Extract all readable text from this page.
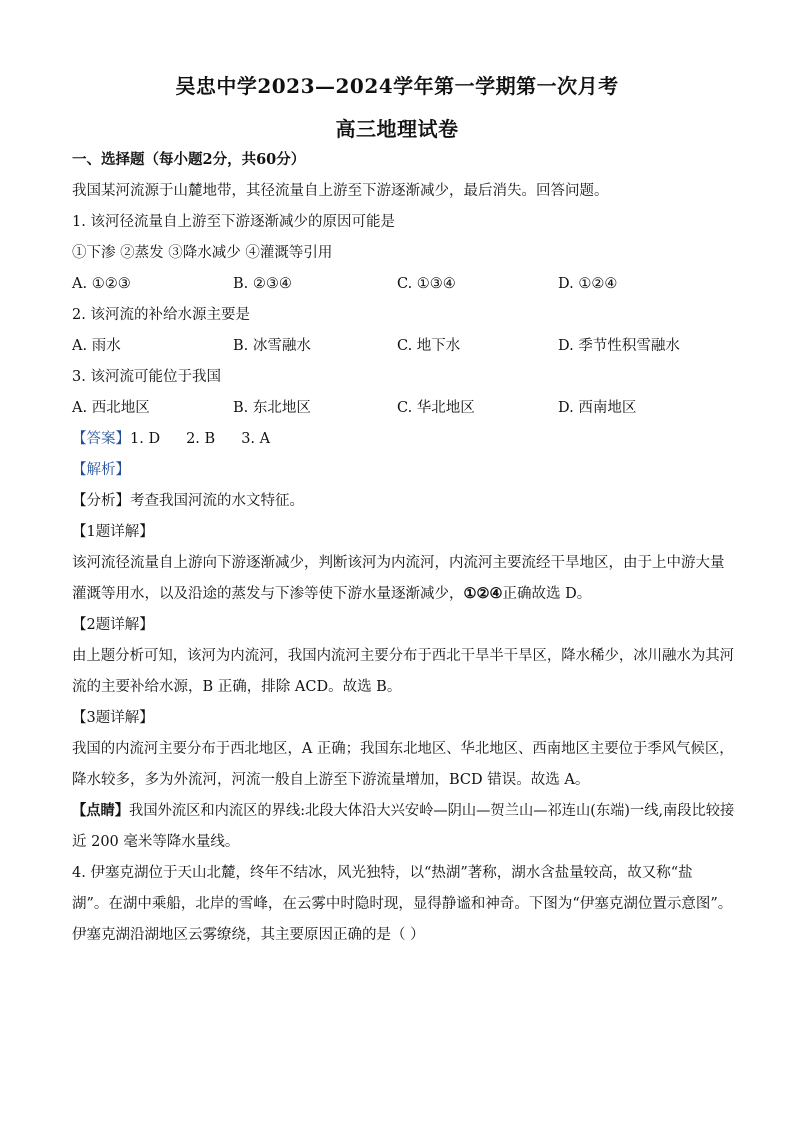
吴忠中学2023—2024学年第一学期第一次月考
高三地理试卷
一、选择题（每小题2分，共60分）
我国某河流源于山麓地带，其径流量自上游至下游逐渐减少，最后消失。回答问题。
1. 该河径流量自上游至下游逐渐减少的原因可能是
①下渗 ②蒸发 ③降水减少 ④灌溉等引用
A. ①②③	B. ②③④	C. ①③④	D. ①②④
2. 该河流的补给水源主要是
A. 雨水	B. 冰雪融水	C. 地下水	D. 季节性积雪融水
3. 该河流可能位于我国
A. 西北地区	B. 东北地区	C. 华北地区	D. 西南地区
【答案】1. D 2. B 3. A
【解析】
【分析】考查我国河流的水文特征。
【1题详解】
该河流径流量自上游向下游逐渐减少，判断该河为内流河，内流河主要流经干旱地区，由于上中游大量
灌溉等用水，以及沿途的蒸发与下渗等使下游水量逐渐减少，①②④正确故选 D。
【2题详解】
由上题分析可知，该河为内流河，我国内流河主要分布于西北干旱半干旱区，降水稀少，冰川融水为其河
流的主要补给水源，B 正确，排除 ACD。故选 B。
【3题详解】
我国的内流河主要分布于西北地区，A 正确；我国东北地区、华北地区、西南地区主要位于季风气候区，
降水较多，多为外流河，河流一般自上游至下游流量增加，BCD 错误。故选 A。
【点睛】我国外流区和内流区的界线:北段大体沿大兴安岭—阴山—贺兰山—祁连山(东端)一线,南段比较接
近 200 毫米等降水量线。
4. 伊塞克湖位于天山北麓，终年不结冰，风光独特，以“热湖”著称，湖水含盐量较高，故又称“盐
湖”。在湖中乘船，北岸的雪峰，在云雾中时隐时现，显得静谧和神奇。下图为“伊塞克湖位置示意图”。
伊塞克湖沿湖地区云雾缭绕，其主要原因正确的是（ ）
